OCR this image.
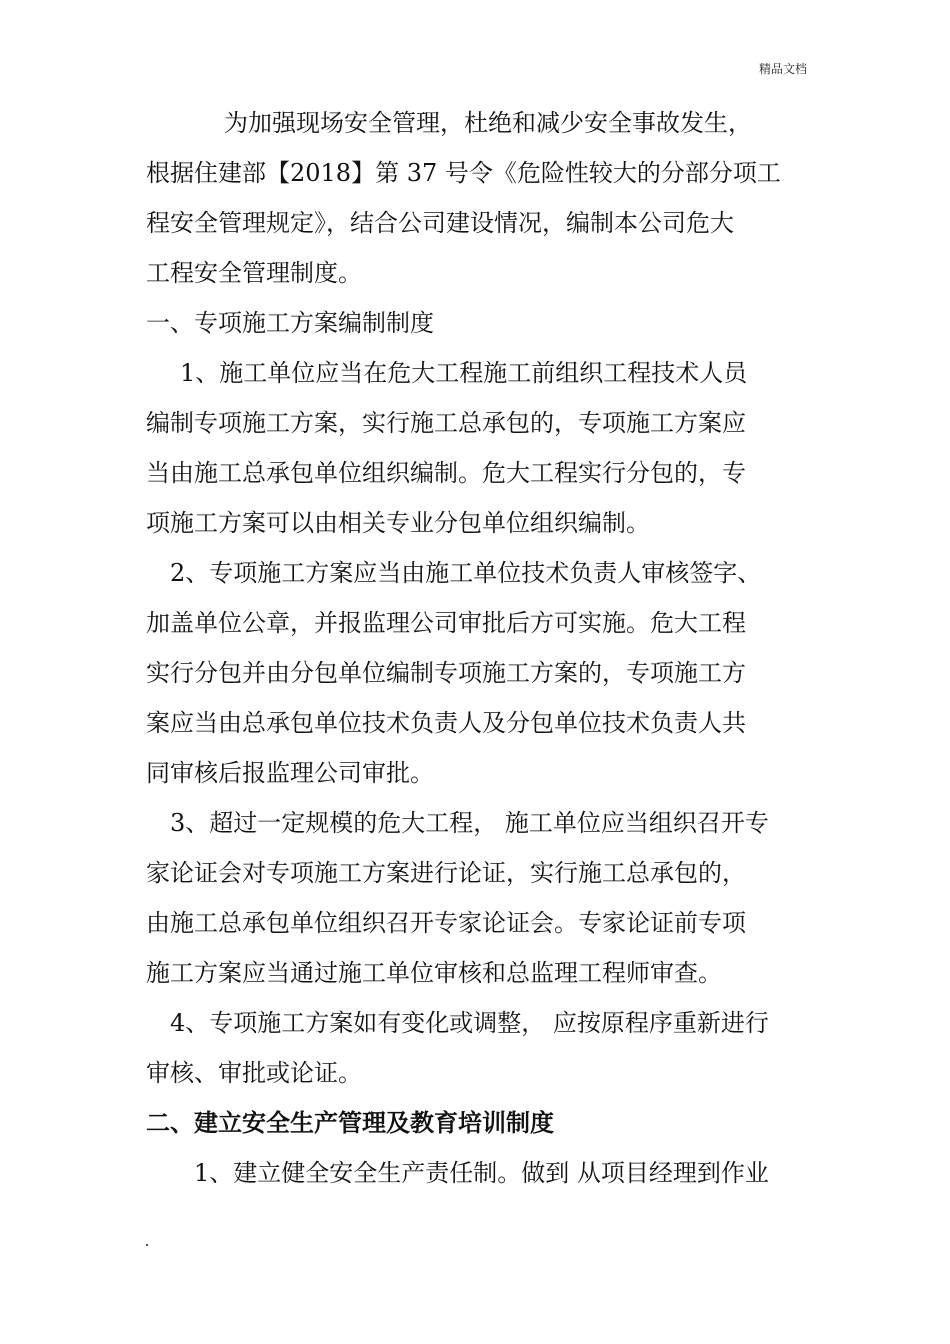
精品文档
为加强现场安全管理，杜绝和减少安全事故发生，
根据住建部【2018】第 37 号令《危险性较大的分部分项工
程安全管理规定》，结合公司建设情况，编制本公司危大
工程安全管理制度。
一、专项施工方案编制制度
1、施工单位应当在危大工程施工前组织工程技术人员
编制专项施工方案，实行施工总承包的，专项施工方案应
当由施工总承包单位组织编制。危大工程实行分包的，专
项施工方案可以由相关专业分包单位组织编制。
2、专项施工方案应当由施工单位技术负责人审核签字、
加盖单位公章，并报监理公司审批后方可实施。危大工程
实行分包并由分包单位编制专项施工方案的，专项施工方
案应当由总承包单位技术负责人及分包单位技术负责人共
同审核后报监理公司审批。
3、超过一定规模的危大工程， 施工单位应当组织召开专
家论证会对专项施工方案进行论证，实行施工总承包的，
由施工总承包单位组织召开专家论证会。专家论证前专项
施工方案应当通过施工单位审核和总监理工程师审查。
4、专项施工方案如有变化或调整， 应按原程序重新进行
审核、审批或论证。
二、建立安全生产管理及教育培训制度
1、建立健全安全生产责任制。做到 从项目经理到作业
